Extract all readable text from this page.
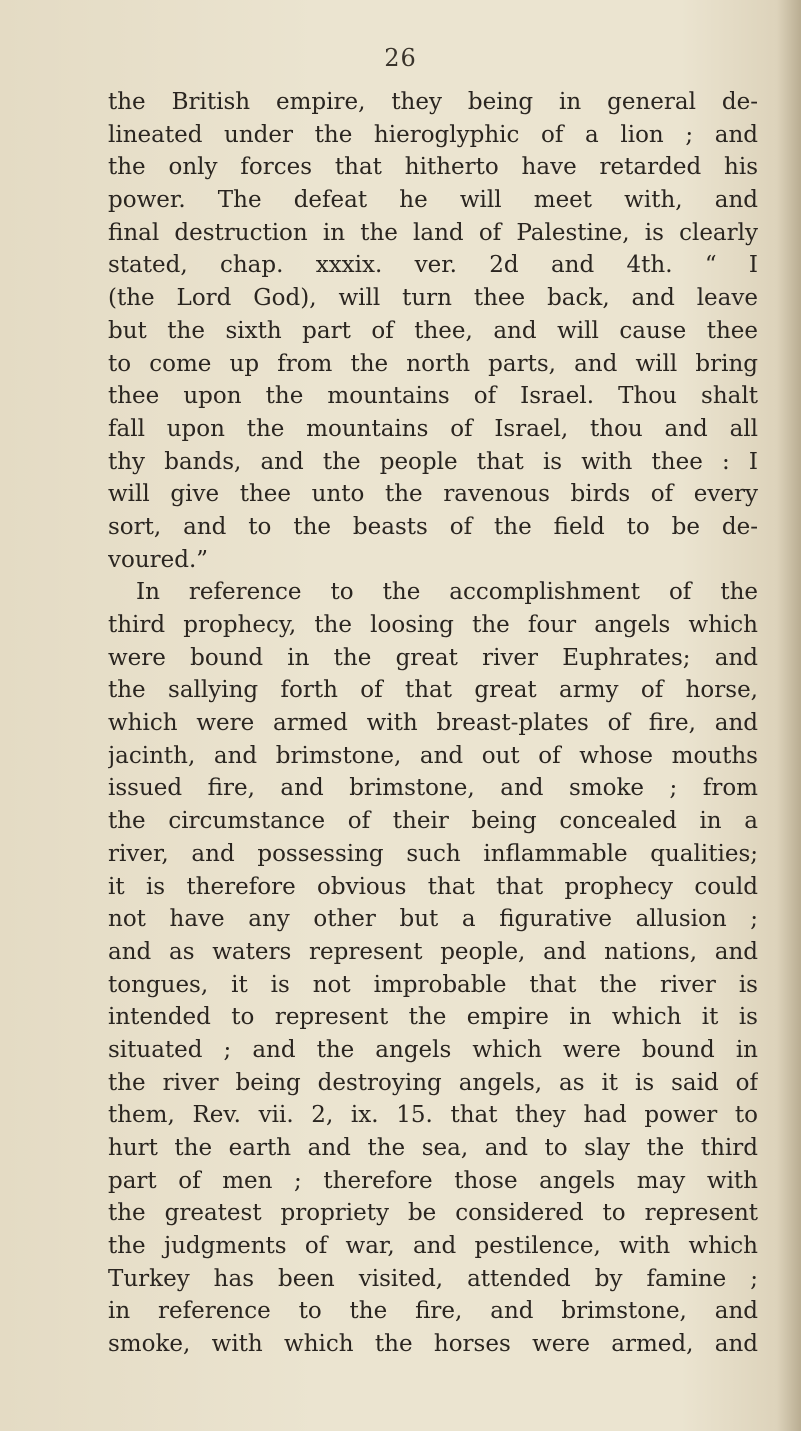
26
the British empire, they being in general de-
lineated under the hieroglyphic of a lion ; and
the only forces that hitherto have retarded his
power. The defeat he will meet with, and
final destruction in the land of Palestine, is clearly
stated, chap. xxxix. ver. 2d and 4th. “ I
(the Lord God), will turn thee back, and leave
but the sixth part of thee, and will cause thee
to come up from the north parts, and will bring
thee upon the mountains of Israel. Thou shalt
fall upon the mountains of Israel, thou and all
thy bands, and the people that is with thee : I
will give thee unto the ravenous birds of every
sort, and to the beasts of the field to be de-
voured.”
In reference to the accomplishment of the
third prophecy, the loosing the four angels which
were bound in the great river Euphrates; and
the sallying forth of that great army of horse,
which were armed with breast-plates of fire, and
jacinth, and brimstone, and out of whose mouths
issued fire, and brimstone, and smoke ; from
the circumstance of their being concealed in a
river, and possessing such inflammable qualities;
it is therefore obvious that that prophecy could
not have any other but a figurative allusion ;
and as waters represent people, and nations, and
tongues, it is not improbable that the river is
intended to represent the empire in which it is
situated ; and the angels which were bound in
the river being destroying angels, as it is said of
them, Rev. vii. 2, ix. 15. that they had power to
hurt the earth and the sea, and to slay the third
part of men ; therefore those angels may with
the greatest propriety be considered to represent
the judgments of war, and pestilence, with which
Turkey has been visited, attended by famine ;
in reference to the fire, and brimstone, and
smoke, with which the horses were armed, and
